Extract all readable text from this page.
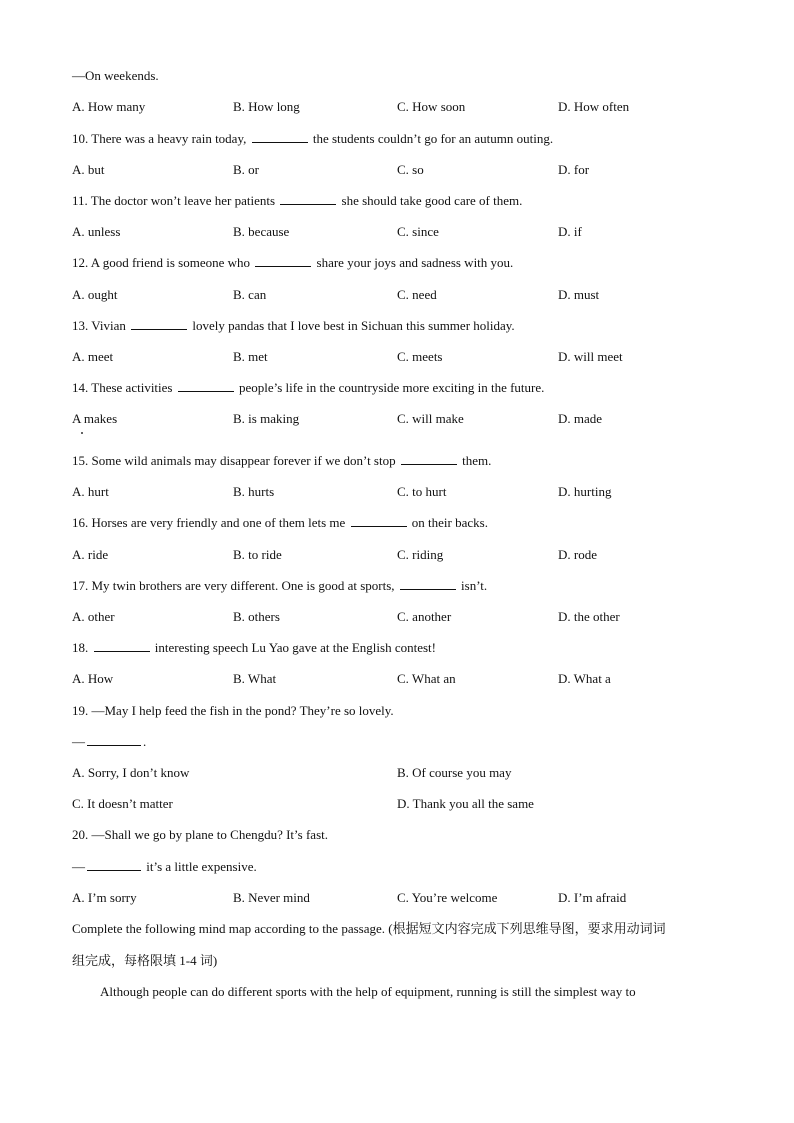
—On weekends.
A. How many	B. How long	C. How soon	D. How often
10. There was a heavy rain today,	the students couldn’t go for an autumn outing.
A. but	B. or	C. so	D. for
11. The doctor won’t leave her patients	she should take good care of them.
A. unless	B. because	C. since	D. if
12. A good friend is someone who	share your joys and sadness with you.
A. ought	B. can	C. need	D. must
13. Vivian	lovely pandas that I love best in Sichuan this summer holiday.
A. meet	B. met	C. meets	D. will meet
14. These activities	people’s life in the countryside more exciting in the future.
A makes	B. is making	C. will make	D. made
15. Some wild animals may disappear forever if we don’t stop	them.
A. hurt	B. hurts	C. to hurt	D. hurting
16. Horses are very friendly and one of them lets me	on their backs.
A. ride	B. to ride	C. riding	D. rode
17. My twin brothers are very different. One is good at sports,	isn’t.
A. other	B. others	C. another	D. the other
18.	interesting speech Lu Yao gave at the English contest!
A. How	B. What	C. What an	D. What a
19. —May I help feed the fish in the pond? They’re so lovely.
—	.
A. Sorry, I don’t know	B. Of course you may
C. It doesn’t matter	D. Thank you all the same
20. —Shall we go by plane to Chengdu? It’s fast.
—	it’s a little expensive.
A. I’m sorry	B. Never mind	C. You’re welcome	D. I’m afraid
Complete the following mind map according to the passage. (根据短文内容完成下列思维导图，要求用动词词
组完成，每格限填 1-4 词)
Although people can do different sports with the help of equipment, running is still the simplest way to
